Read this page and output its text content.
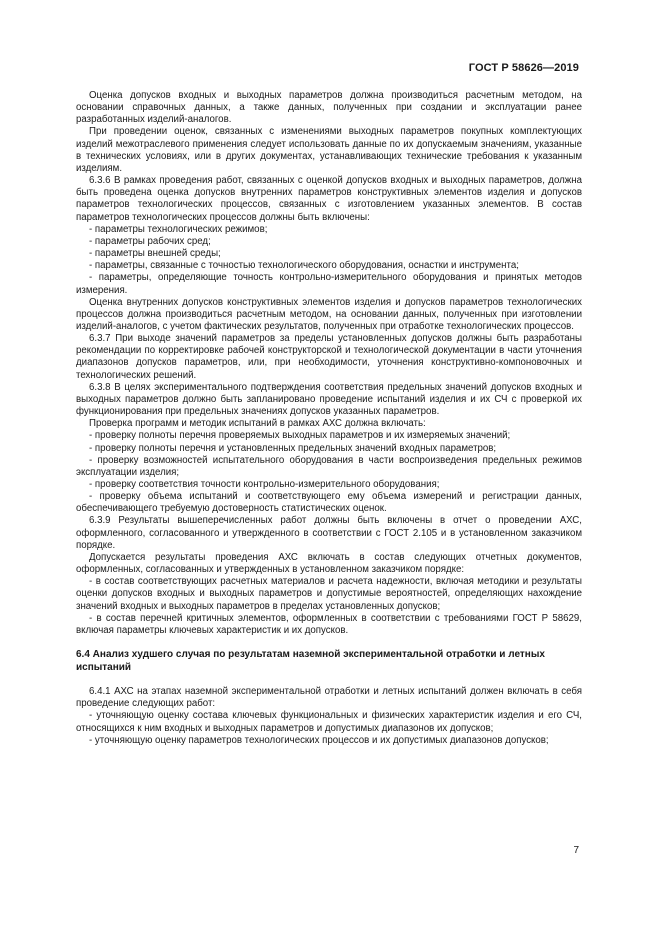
ГОСТ Р 58626—2019

Оценка допусков входных и выходных параметров должна производиться расчетным методом, на основании справочных данных, а также данных, полученных при создании и эксплуатации ранее разработанных изделий-аналогов.

При проведении оценок, связанных с изменениями выходных параметров покупных комплектующих изделий межотраслевого применения следует использовать данные по их допускаемым значениям, указанные в технических условиях, или в других документах, устанавливающих технические требования к указанным изделиям.

6.3.6 В рамках проведения работ, связанных с оценкой допусков входных и выходных параметров, должна быть проведена оценка допусков внутренних параметров конструктивных элементов изделия и допусков параметров технологических процессов, связанных с изготовлением указанных элементов. В состав параметров технологических процессов должны быть включены:

- параметры технологических режимов;

- параметры рабочих сред;

- параметры внешней среды;

- параметры, связанные с точностью технологического оборудования, оснастки и инструмента;

- параметры, определяющие точность контрольно-измерительного оборудования и принятых методов измерения.

Оценка внутренних допусков конструктивных элементов изделия и допусков параметров технологических процессов должна производиться расчетным методом, на основании данных, полученных при изготовлении изделий-аналогов, с учетом фактических результатов, полученных при отработке технологических процессов.

6.3.7 При выходе значений параметров за пределы установленных допусков должны быть разработаны рекомендации по корректировке рабочей конструкторской и технологической документации в части уточнения диапазонов допусков параметров, или, при необходимости, уточнения конструктивно-компоновочных и технологических решений.

6.3.8 В целях экспериментального подтверждения соответствия предельных значений допусков входных и выходных параметров должно быть запланировано проведение испытаний изделия и их СЧ с проверкой их функционирования при предельных значениях допусков указанных параметров.

Проверка программ и методик испытаний в рамках АХС должна включать:

- проверку полноты перечня проверяемых выходных параметров и их измеряемых значений;

- проверку полноты перечня и установленных предельных значений входных параметров;

- проверку возможностей испытательного оборудования в части воспроизведения предельных режимов эксплуатации изделия;

- проверку соответствия точности контрольно-измерительного оборудования;

- проверку объема испытаний и соответствующего ему объема измерений и регистрации данных, обеспечивающего требуемую достоверность статистических оценок.

6.3.9 Результаты вышеперечисленных работ должны быть включены в отчет о проведении АХС, оформленного, согласованного и утвержденного в соответствии с ГОСТ 2.105 и в установленном заказчиком порядке.

Допускается результаты проведения АХС включать в состав следующих отчетных документов, оформленных, согласованных и утвержденных в установленном заказчиком порядке:

- в состав соответствующих расчетных материалов и расчета надежности, включая методики и результаты оценки допусков входных и выходных параметров и допустимые вероятностей, определяющих нахождение значений входных и выходных параметров в пределах установленных допусков;

- в состав перечней критичных элементов, оформленных в соответствии с требованиями ГОСТ Р 58629, включая параметры ключевых характеристик и их допусков.

6.4 Анализ худшего случая по результатам наземной экспериментальной отработки и летных испытаний

6.4.1 АХС на этапах наземной экспериментальной отработки и летных испытаний должен включать в себя проведение следующих работ:

- уточняющую оценку состава ключевых функциональных и физических характеристик изделия и его СЧ, относящихся к ним входных и выходных параметров и допустимых диапазонов их допусков;

- уточняющую оценку параметров технологических процессов и их допустимых диапазонов допусков;

7
